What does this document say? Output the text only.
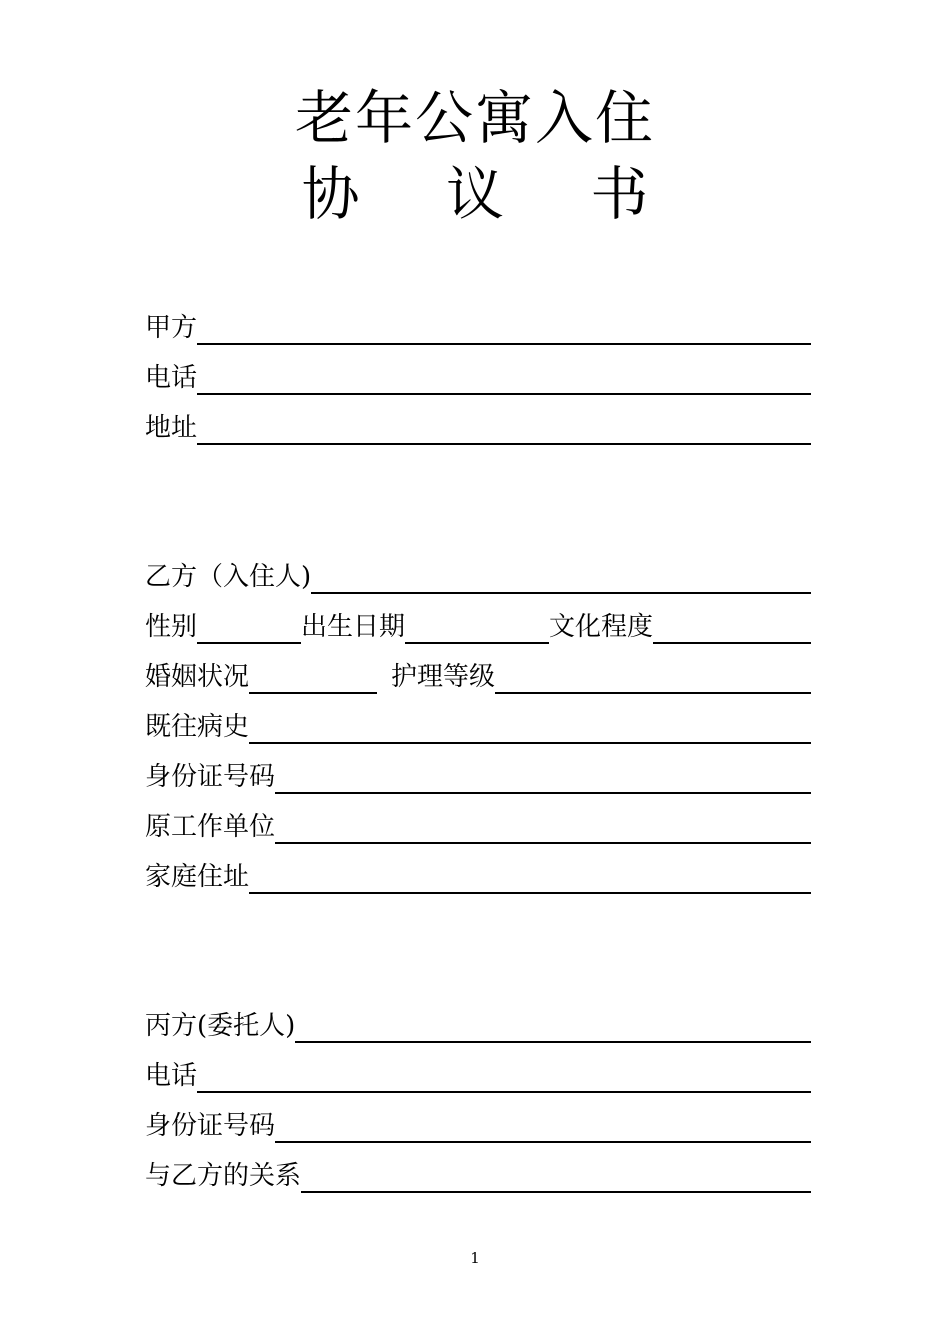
老年公寓入住
协 议 书
甲方
电话
地址
乙方（入住人)
性别	出生日期	文化程度
婚姻状况	护理等级
既往病史
身份证号码
原工作单位
家庭住址
丙方(委托人)
电话
身份证号码
与乙方的关系
1
